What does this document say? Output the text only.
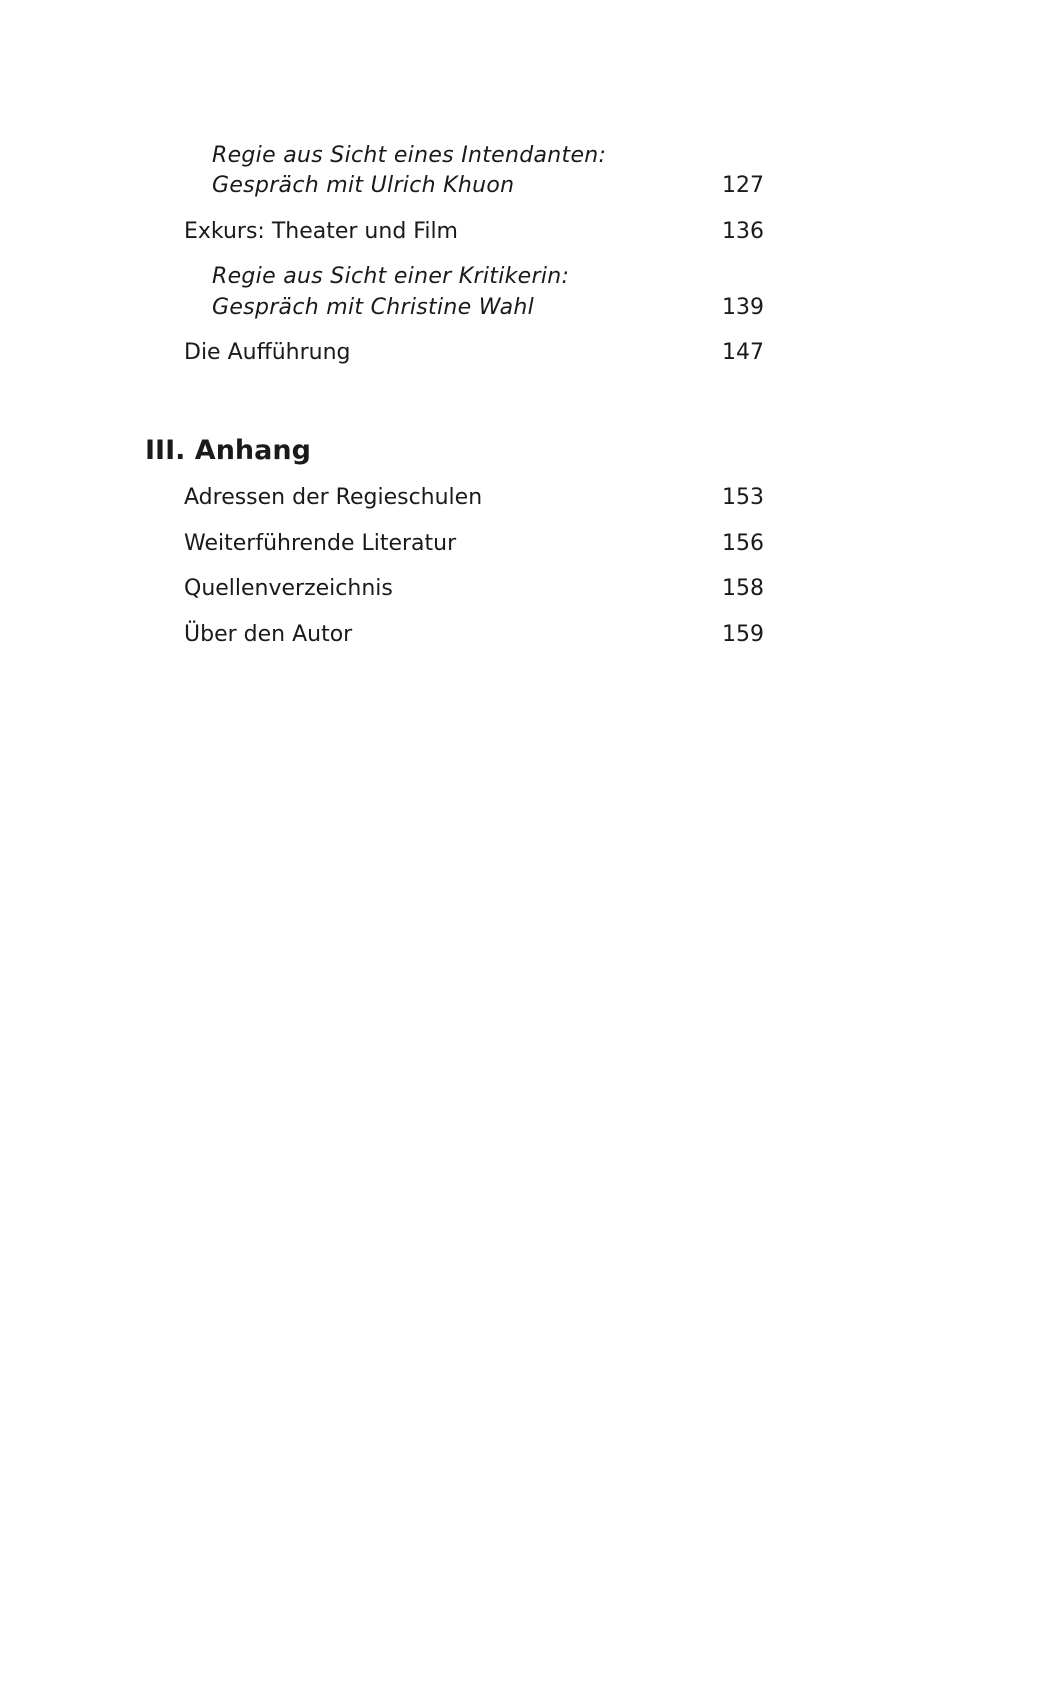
Regie aus Sicht eines Intendanten:
Gespräch mit Ulrich Khuon	127
Exkurs: Theater und Film	136
Regie aus Sicht einer Kritikerin:
Gespräch mit Christine Wahl	139
Die Aufführung	147
III. Anhang
Adressen der Regieschulen	153
Weiterführende Literatur	156
Quellenverzeichnis	158
Über den Autor	159
